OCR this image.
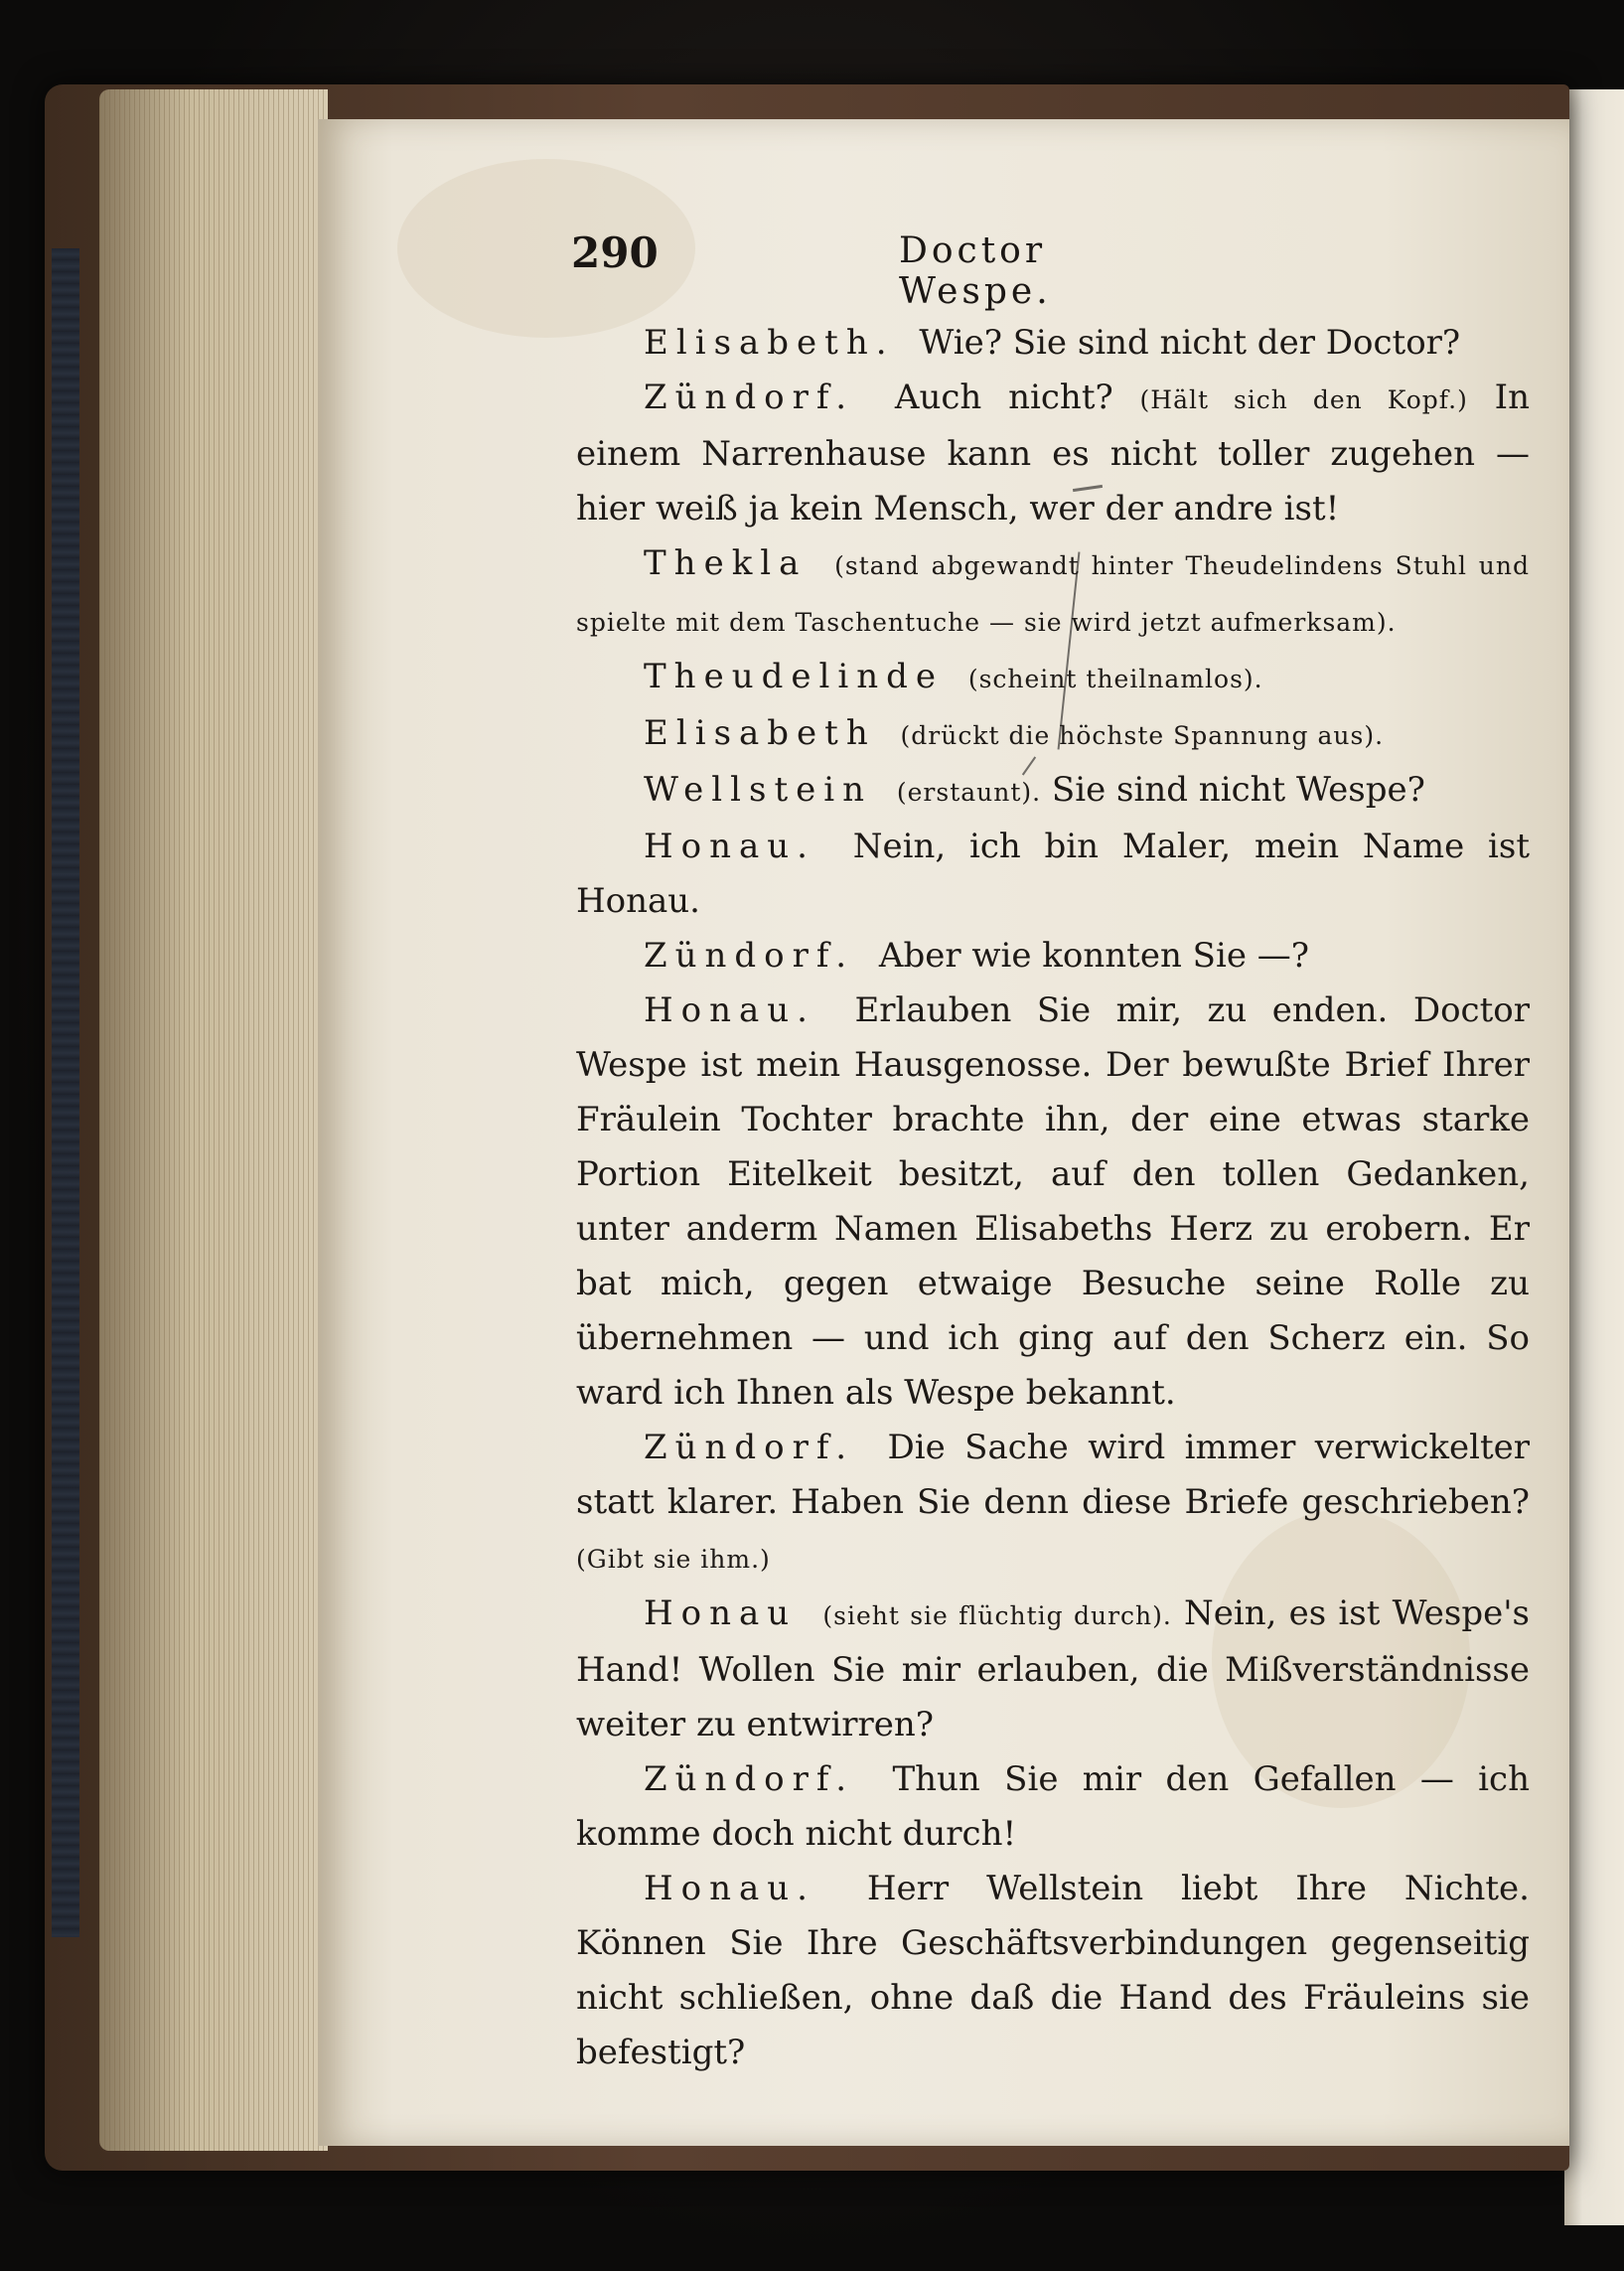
290	Doctor Wespe.

Elisabeth. Wie? Sie sind nicht der Doctor?

Zündorf. Auch nicht? (Hält sich den Kopf.) In einem Narrenhause kann es nicht toller zugehen — hier weiß ja kein Mensch, wer der andre ist!

Thekla (stand abgewandt hinter Theudelindens Stuhl und spielte mit dem Taschentuche — sie wird jetzt aufmerksam).

Theudelinde (scheint theilnamlos).

Elisabeth (drückt die höchste Spannung aus).

Wellstein (erstaunt). Sie sind nicht Wespe?

Honau. Nein, ich bin Maler, mein Name ist Honau.

Zündorf. Aber wie konnten Sie —?

Honau. Erlauben Sie mir, zu enden. Doctor Wespe ist mein Hausgenosse. Der bewußte Brief Ihrer Fräulein Tochter brachte ihn, der eine etwas starke Portion Eitelkeit besitzt, auf den tollen Gedanken, unter anderm Namen Elisabeths Herz zu erobern. Er bat mich, gegen etwaige Besuche seine Rolle zu übernehmen — und ich ging auf den Scherz ein. So ward ich Ihnen als Wespe bekannt.

Zündorf. Die Sache wird immer verwickelter statt klarer. Haben Sie denn diese Briefe geschrieben? (Gibt sie ihm.)

Honau (sieht sie flüchtig durch). Nein, es ist Wespe's Hand! Wollen Sie mir erlauben, die Mißverständnisse weiter zu entwirren?

Zündorf. Thun Sie mir den Gefallen — ich komme doch nicht durch!

Honau. Herr Wellstein liebt Ihre Nichte. Können Sie Ihre Geschäftsverbindungen gegenseitig nicht schließen, ohne daß die Hand des Fräuleins sie befestigt?
